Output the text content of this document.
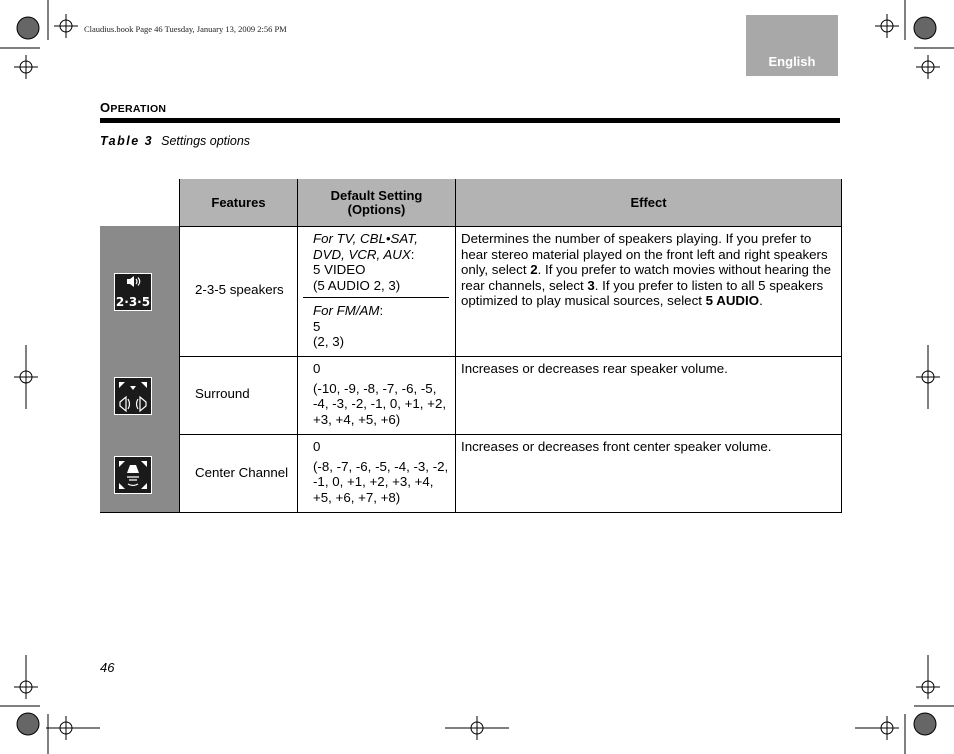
Claudius.book Page 46 Tuesday, January 13, 2009 2:56 PM
English
OPERATION
Table 3 Settings options
Features	Default Setting
(Options)	Effect
2·3·5
2-3-5 speakers

For TV, CBL•SAT, DVD, VCR, AUX:

5 VIDEO

(5 AUDIO 2, 3)

For FM/AM:

5

(2, 3)

Determines the number of speakers playing. If you prefer to hear stereo material played on the front left and right speakers only, select 2. If you prefer to watch movies without hearing the rear channels, select 3. If you prefer to listen to all 5 speakers optimized to play musical sources, select 5 AUDIO.
Surround

0

(-10, -9, -8, -7, -6, -5, -4, -3, -2, -1, 0, +1, +2, +3, +4, +5, +6)

Increases or decreases rear speaker volume.
Center Channel

0

(-8, -7, -6, -5, -4, -3, -2, -1, 0, +1, +2, +3, +4, +5, +6, +7, +8)

Increases or decreases front center speaker volume.
46
